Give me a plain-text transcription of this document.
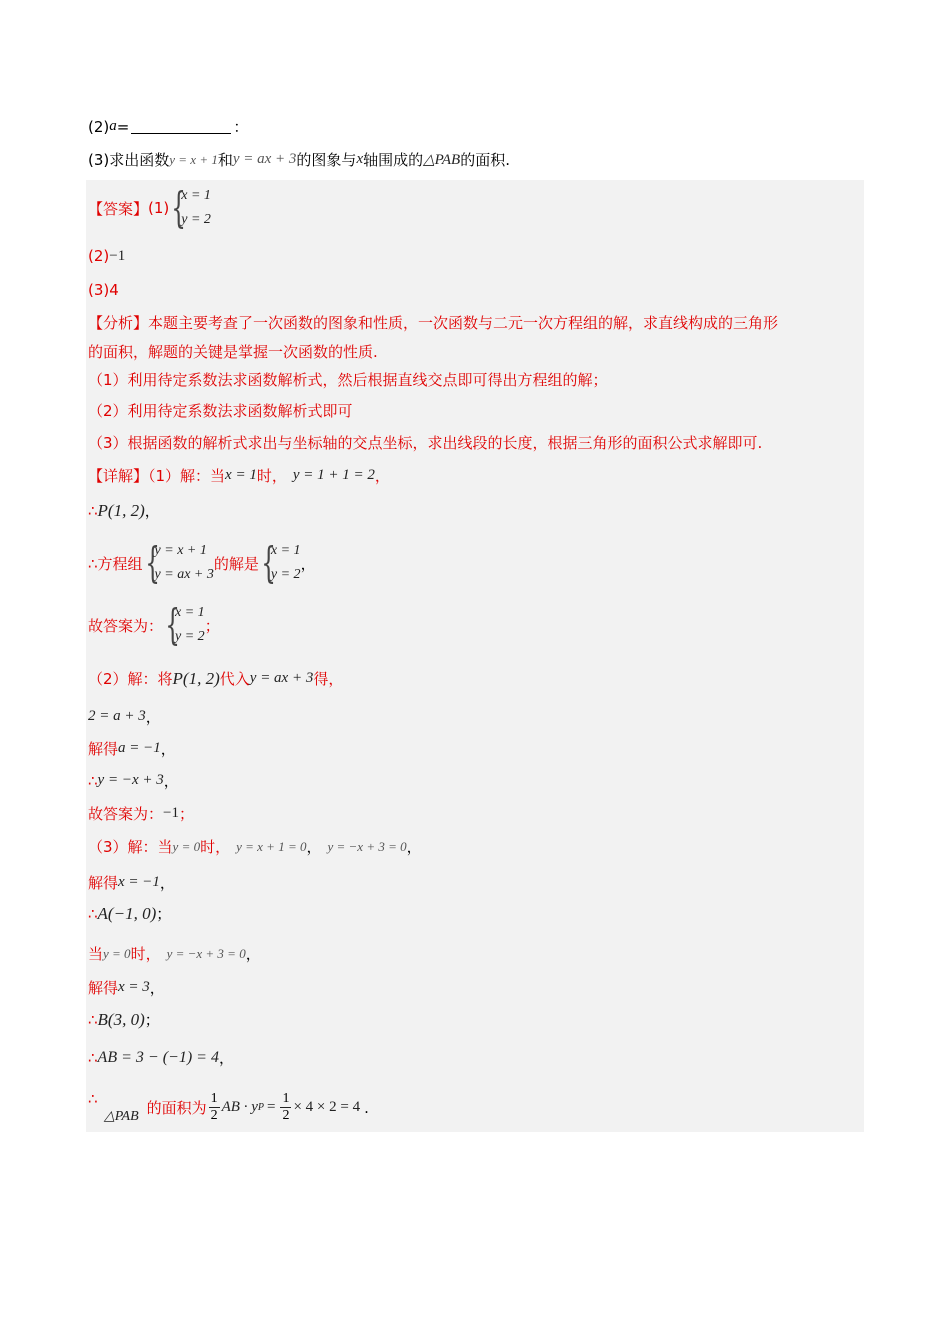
(2) a =	：
(3)求出函数 y = x + 1 和 y = ax + 3 的图象与 x 轴围成的 △PAB 的面积.
【答案】 (1) {
x = 1
y = 2
(2) −1
(3)4
【分析】本题主要考查了一次函数的图象和性质，一次函数与二元一次方程组的解，求直线构成的三角形
的面积，解题的关键是掌握一次函数的性质.
（1）利用待定系数法求函数解析式，然后根据直线交点即可得出方程组的解；
（2）利用待定系数法求函数解析式即可
（3）根据函数的解析式求出与坐标轴的交点坐标，求出线段的长度，根据三角形的面积公式求解即可.
【详解】（1）解：当 x = 1 时， y = 1 + 1 = 2 ，
∴ P(1, 2) ，
∴方程组 {
y = x + 1
y = ax + 3
的解是 {
x = 1
y = 2
，
故答案为： {
x = 1
y = 2
；
（2）解：将 P(1, 2) 代入 y = ax + 3 得，
2 = a + 3 ，
解得 a = −1 ，
∴ y = −x + 3 ，
故答案为： −1 ；
（3）解：当 y = 0 时， y = x + 1 = 0 ， y = −x + 3 = 0 ，
解得 x = −1 ，
∴ A(−1, 0) ；
当 y = 0 时， y = −x + 3 = 0 ，
解得 x = 3 ，
∴ B(3, 0) ；
∴ AB = 3 − (−1) = 4 ，
∴
△PAB 的面积为 $\frac{1}{2}$ AB · y $P = \frac{1}{2} \times 4 \times 2 = 4$ .
